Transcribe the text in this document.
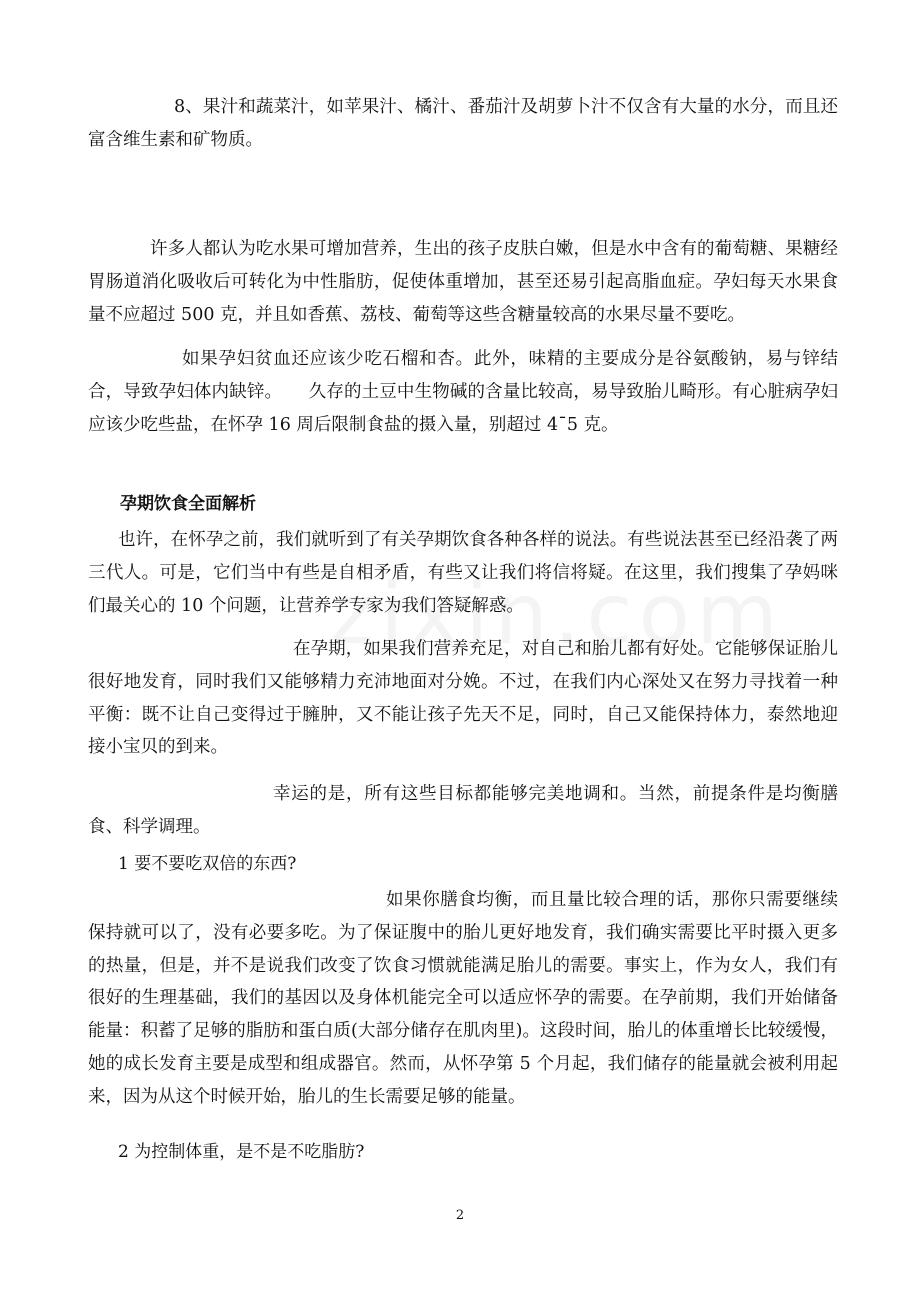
8、果汁和蔬菜汁，如苹果汁、橘汁、番茄汁及胡萝卜汁不仅含有大量的水分，而且还富含维生素和矿物质。

许多人都认为吃水果可增加营养，生出的孩子皮肤白嫩，但是水中含有的葡萄糖、果糖经胃肠道消化吸收后可转化为中性脂肪，促使体重增加，甚至还易引起高脂血症。孕妇每天水果食量不应超过 500 克，并且如香蕉、荔枝、葡萄等这些含糖量较高的水果尽量不要吃。

如果孕妇贫血还应该少吃石榴和杏。此外，味精的主要成分是谷氨酸钠，易与锌结合，导致孕妇体内缺锌。　　久存的土豆中生物碱的含量比较高，易导致胎儿畸形。有心脏病孕妇应该少吃些盐，在怀孕 16 周后限制食盐的摄入量，别超过 4¯5 克。

孕期饮食全面解析

也许，在怀孕之前，我们就听到了有关孕期饮食各种各样的说法。有些说法甚至已经沿袭了两三代人。可是，它们当中有些是自相矛盾，有些又让我们将信将疑。在这里，我们搜集了孕妈咪们最关心的 10 个问题，让营养学专家为我们答疑解惑。

在孕期，如果我们营养充足，对自己和胎儿都有好处。它能够保证胎儿很好地发育，同时我们又能够精力充沛地面对分娩。不过，在我们内心深处又在努力寻找着一种平衡：既不让自己变得过于臃肿，又不能让孩子先天不足，同时，自己又能保持体力，泰然地迎接小宝贝的到来。

幸运的是，所有这些目标都能够完美地调和。当然，前提条件是均衡膳食、科学调理。

1 要不要吃双倍的东西?

如果你膳食均衡，而且量比较合理的话，那你只需要继续保持就可以了，没有必要多吃。为了保证腹中的胎儿更好地发育，我们确实需要比平时摄入更多的热量，但是，并不是说我们改变了饮食习惯就能满足胎儿的需要。事实上，作为女人，我们有很好的生理基础，我们的基因以及身体机能完全可以适应怀孕的需要。在孕前期，我们开始储备能量：积蓄了足够的脂肪和蛋白质(大部分储存在肌肉里)。这段时间，胎儿的体重增长比较缓慢，她的成长发育主要是成型和组成器官。然而，从怀孕第 5 个月起，我们储存的能量就会被利用起来，因为从这个时候开始，胎儿的生长需要足够的能量。

2 为控制体重，是不是不吃脂肪?

2
